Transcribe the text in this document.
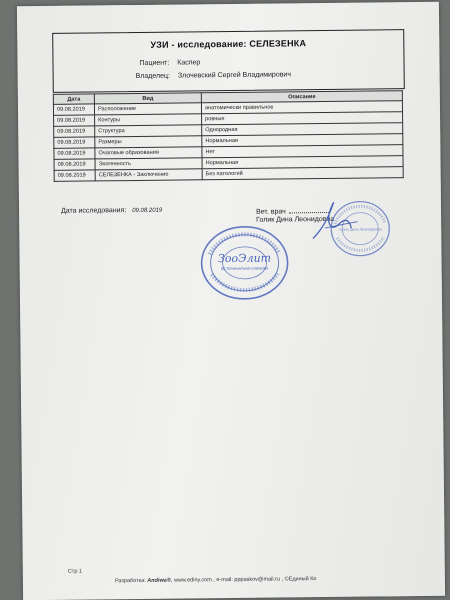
УЗИ - исследование: СЕЛЕЗЕНКА
Пациент: Каспер
Владелец: Злочевский Сергей Владимирович
Дата	Вид	Описание
09.08.2019	Расположение	анатомически правильное
09.08.2019	Контуры	ровные
09.08.2019	Структура	Однородная
09.08.2019	Размеры	Нормальная
09.08.2019	Очаговые образования	Нет
09.08.2019	Эхогенность	Нормальная
09.08.2019	СЕЛЕЗЕНКА - Заключение	Без патологий
Дата исследования: 09.08.2019	Вет. врач
Голик Дина Леонидовна
ЗооЭлит
ВЕТЕРИНАРНАЯ КЛИНИКА
ГОЛИК ДИНА ЛЕОНИДОВНА
Стр 1
Разработка: Andiwa®, www.ediny.com , e-mail: pppaskov@mail.ru , ©Единый Ко
